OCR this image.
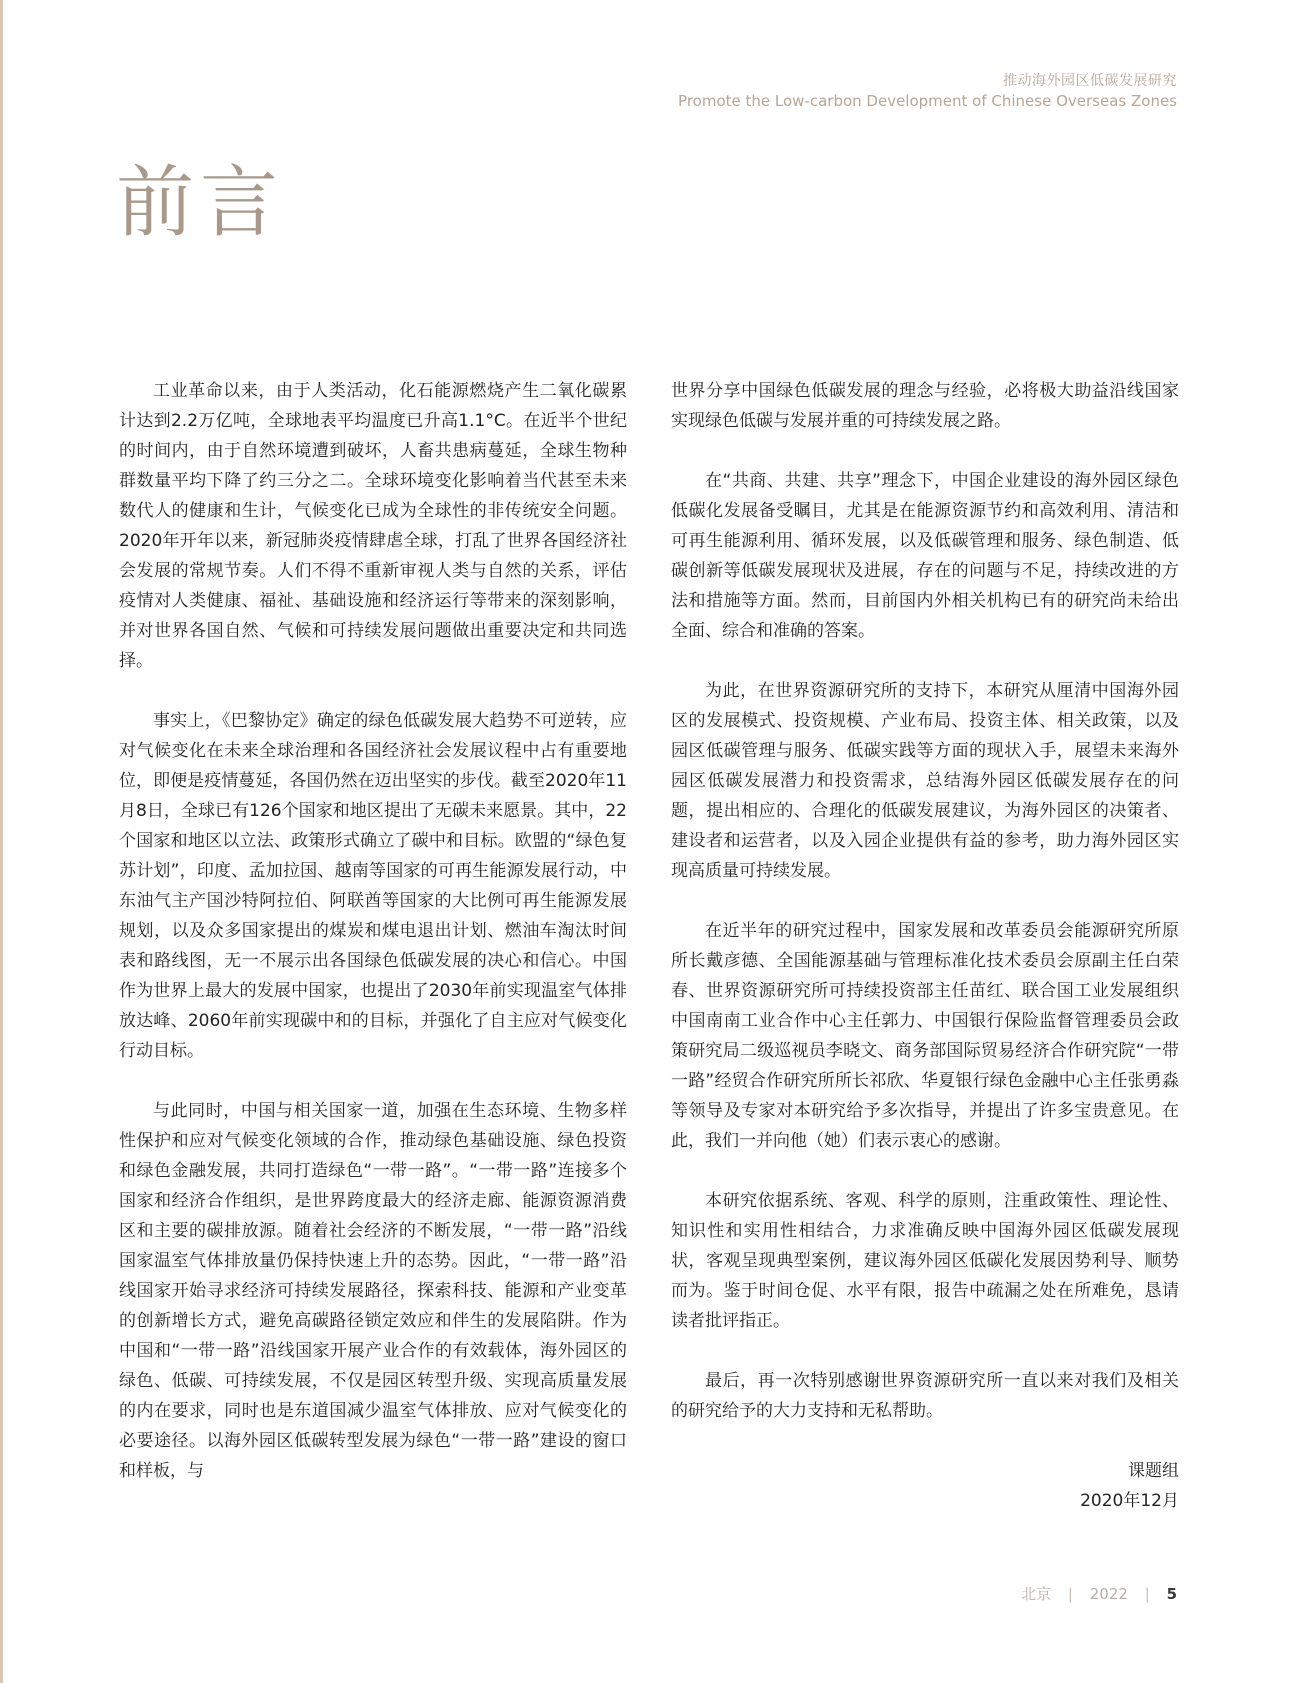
推动海外园区低碳发展研究
Promote the Low-carbon Development of Chinese Overseas Zones
前言

工业革命以来，由于人类活动，化石能源燃烧产生二氧化碳累计达到2.2万亿吨，全球地表平均温度已升高1.1°C。在近半个世纪的时间内，由于自然环境遭到破坏，人畜共患病蔓延，全球生物种群数量平均下降了约三分之二。全球环境变化影响着当代甚至未来数代人的健康和生计，气候变化已成为全球性的非传统安全问题。2020年开年以来，新冠肺炎疫情肆虐全球，打乱了世界各国经济社会发展的常规节奏。人们不得不重新审视人类与自然的关系，评估疫情对人类健康、福祉、基础设施和经济运行等带来的深刻影响，并对世界各国自然、气候和可持续发展问题做出重要决定和共同选择。

事实上，《巴黎协定》确定的绿色低碳发展大趋势不可逆转，应对气候变化在未来全球治理和各国经济社会发展议程中占有重要地位，即便是疫情蔓延，各国仍然在迈出坚实的步伐。截至2020年11月8日，全球已有126个国家和地区提出了无碳未来愿景。其中，22个国家和地区以立法、政策形式确立了碳中和目标。欧盟的“绿色复苏计划”，印度、孟加拉国、越南等国家的可再生能源发展行动，中东油气主产国沙特阿拉伯、阿联酋等国家的大比例可再生能源发展规划，以及众多国家提出的煤炭和煤电退出计划、燃油车淘汰时间表和路线图，无一不展示出各国绿色低碳发展的决心和信心。中国作为世界上最大的发展中国家，也提出了2030年前实现温室气体排放达峰、2060年前实现碳中和的目标，并强化了自主应对气候变化行动目标。

与此同时，中国与相关国家一道，加强在生态环境、生物多样性保护和应对气候变化领域的合作，推动绿色基础设施、绿色投资和绿色金融发展，共同打造绿色“一带一路”。“一带一路”连接多个国家和经济合作组织，是世界跨度最大的经济走廊、能源资源消费区和主要的碳排放源。随着社会经济的不断发展，“一带一路”沿线国家温室气体排放量仍保持快速上升的态势。因此，“一带一路”沿线国家开始寻求经济可持续发展路径，探索科技、能源和产业变革的创新增长方式，避免高碳路径锁定效应和伴生的发展陷阱。作为中国和“一带一路”沿线国家开展产业合作的有效载体，海外园区的绿色、低碳、可持续发展，不仅是园区转型升级、实现高质量发展的内在要求，同时也是东道国减少温室气体排放、应对气候变化的必要途径。以海外园区低碳转型发展为绿色“一带一路”建设的窗口和样板，与

世界分享中国绿色低碳发展的理念与经验，必将极大助益沿线国家实现绿色低碳与发展并重的可持续发展之路。

在“共商、共建、共享”理念下，中国企业建设的海外园区绿色低碳化发展备受瞩目，尤其是在能源资源节约和高效利用、清洁和可再生能源利用、循环发展，以及低碳管理和服务、绿色制造、低碳创新等低碳发展现状及进展，存在的问题与不足，持续改进的方法和措施等方面。然而，目前国内外相关机构已有的研究尚未给出全面、综合和准确的答案。

为此，在世界资源研究所的支持下，本研究从厘清中国海外园区的发展模式、投资规模、产业布局、投资主体、相关政策，以及园区低碳管理与服务、低碳实践等方面的现状入手，展望未来海外园区低碳发展潜力和投资需求，总结海外园区低碳发展存在的问题，提出相应的、合理化的低碳发展建议，为海外园区的决策者、建设者和运营者，以及入园企业提供有益的参考，助力海外园区实现高质量可持续发展。

在近半年的研究过程中，国家发展和改革委员会能源研究所原所长戴彦德、全国能源基础与管理标准化技术委员会原副主任白荣春、世界资源研究所可持续投资部主任苗红、联合国工业发展组织中国南南工业合作中心主任郭力、中国银行保险监督管理委员会政策研究局二级巡视员李晓文、商务部国际贸易经济合作研究院“一带一路”经贸合作研究所所长祁欣、华夏银行绿色金融中心主任张勇淼等领导及专家对本研究给予多次指导，并提出了许多宝贵意见。在此，我们一并向他（她）们表示衷心的感谢。

本研究依据系统、客观、科学的原则，注重政策性、理论性、知识性和实用性相结合，力求准确反映中国海外园区低碳发展现状，客观呈现典型案例，建议海外园区低碳化发展因势利导、顺势而为。鉴于时间仓促、水平有限，报告中疏漏之处在所难免，恳请读者批评指正。

最后，再一次特别感谢世界资源研究所一直以来对我们及相关的研究给予的大力支持和无私帮助。

课题组
2020年12月
北京 | 2022 | 5
